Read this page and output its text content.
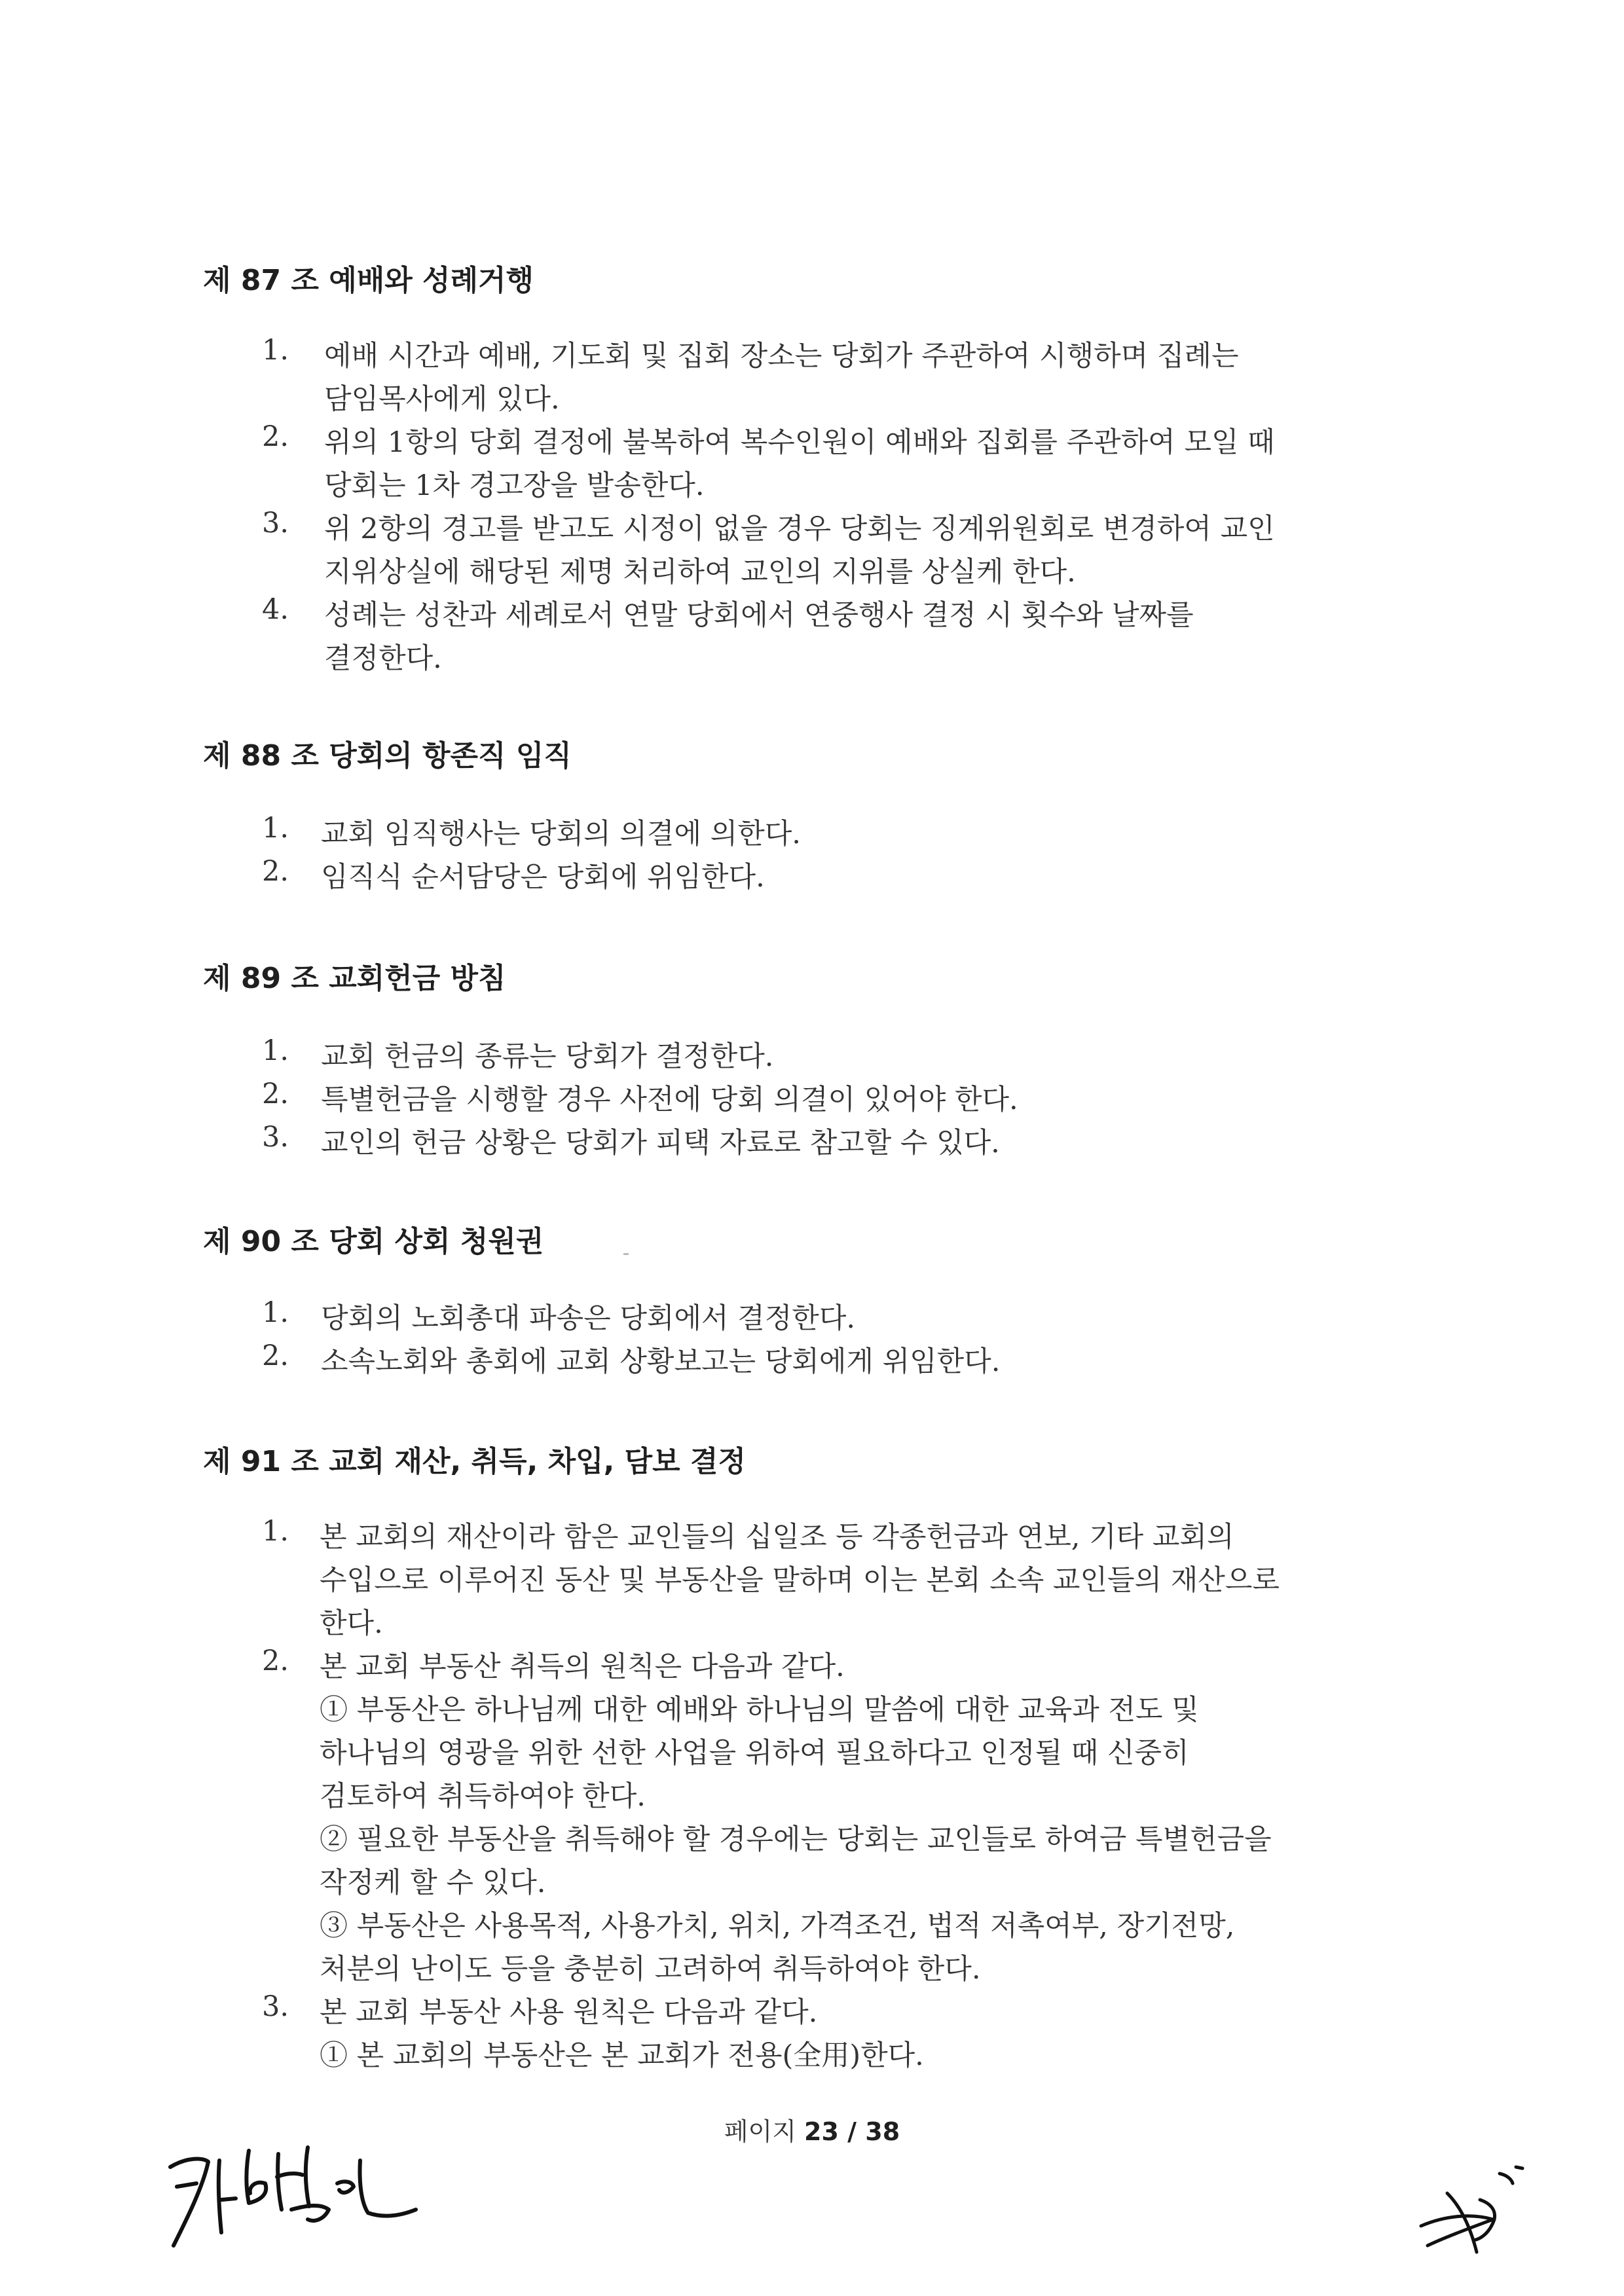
제 87 조 예배와 성례거행

1. 예배 시간과 예배, 기도회 및 집회 장소는 당회가 주관하여 시행하며 집례는

담임목사에게 있다.

2. 위의 1항의 당회 결정에 불복하여 복수인원이 예배와 집회를 주관하여 모일 때

당회는 1차 경고장을 발송한다.

3. 위 2항의 경고를 받고도 시정이 없을 경우 당회는 징계위원회로 변경하여 교인

지위상실에 해당된 제명 처리하여 교인의 지위를 상실케 한다.

4. 성례는 성찬과 세례로서 연말 당회에서 연중행사 결정 시 횟수와 날짜를

결정한다.

제 88 조 당회의 항존직 임직

1. 교회 임직행사는 당회의 의결에 의한다.

2. 임직식 순서담당은 당회에 위임한다.

제 89 조 교회헌금 방침

1. 교회 헌금의 종류는 당회가 결정한다.

2. 특별헌금을 시행할 경우 사전에 당회 의결이 있어야 한다.

3. 교인의 헌금 상황은 당회가 피택 자료로 참고할 수 있다.

제 90 조 당회 상회 청원권

1. 당회의 노회총대 파송은 당회에서 결정한다.

2. 소속노회와 총회에 교회 상황보고는 당회에게 위임한다.

제 91 조 교회 재산, 취득, 차입, 담보 결정

1. 본 교회의 재산이라 함은 교인들의 십일조 등 각종헌금과 연보, 기타 교회의

수입으로 이루어진 동산 및 부동산을 말하며 이는 본회 소속 교인들의 재산으로

한다.

2. 본 교회 부동산 취득의 원칙은 다음과 같다.

① 부동산은 하나님께 대한 예배와 하나님의 말씀에 대한 교육과 전도 및

하나님의 영광을 위한 선한 사업을 위하여 필요하다고 인정될 때 신중히

검토하여 취득하여야 한다.

② 필요한 부동산을 취득해야 할 경우에는 당회는 교인들로 하여금 특별헌금을

작정케 할 수 있다.

③ 부동산은 사용목적, 사용가치, 위치, 가격조건, 법적 저촉여부, 장기전망,

처분의 난이도 등을 충분히 고려하여 취득하여야 한다.

3. 본 교회 부동산 사용 원칙은 다음과 같다.

① 본 교회의 부동산은 본 교회가 전용(全用)한다.

페이지 23 / 38
